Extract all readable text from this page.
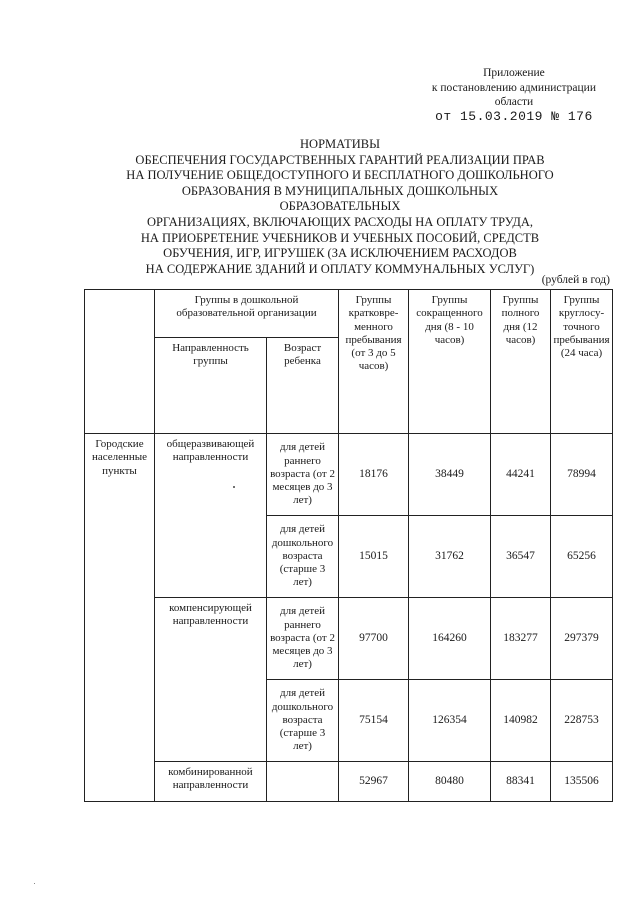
Приложение
к постановлению администрации
области
от 15.03.2019 № 176
НОРМАТИВЫ
ОБЕСПЕЧЕНИЯ ГОСУДАРСТВЕННЫХ ГАРАНТИЙ РЕАЛИЗАЦИИ ПРАВ
НА ПОЛУЧЕНИЕ ОБЩЕДОСТУПНОГО И БЕСПЛАТНОГО ДОШКОЛЬНОГО
ОБРАЗОВАНИЯ В МУНИЦИПАЛЬНЫХ ДОШКОЛЬНЫХ ОБРАЗОВАТЕЛЬНЫХ
ОРГАНИЗАЦИЯХ, ВКЛЮЧАЮЩИХ РАСХОДЫ НА ОПЛАТУ ТРУДА,
НА ПРИОБРЕТЕНИЕ УЧЕБНИКОВ И УЧЕБНЫХ ПОСОБИЙ, СРЕДСТВ
ОБУЧЕНИЯ, ИГР, ИГРУШЕК (ЗА ИСКЛЮЧЕНИЕМ РАСХОДОВ
НА СОДЕРЖАНИЕ ЗДАНИЙ И ОПЛАТУ КОММУНАЛЬНЫХ УСЛУГ)
(рублей в год)
	Группы в дошкольной образовательной организации		Группы кратковре-менного пребывания (от 3 до 5 часов)	Группы сокращенного дня (8 - 10 часов)	Группы полного дня (12 часов)	Группы круглосу-точного пребывания (24 часа)
	Направленность группы	Возраст ребенка				
Городские населенные пункты	общеразвивающей направленности	для детей раннего возраста (от 2 месяцев до 3 лет)	18176	38449	44241	78994
		для детей дошкольного возраста (старше 3 лет)	15015	31762	36547	65256
	компенсирующей направленности	для детей раннего возраста (от 2 месяцев до 3 лет)	97700	164260	183277	297379
		для детей дошкольного возраста (старше 3 лет)	75154	126354	140982	228753
	комбинированной направленности		52967	80480	88341	135506
